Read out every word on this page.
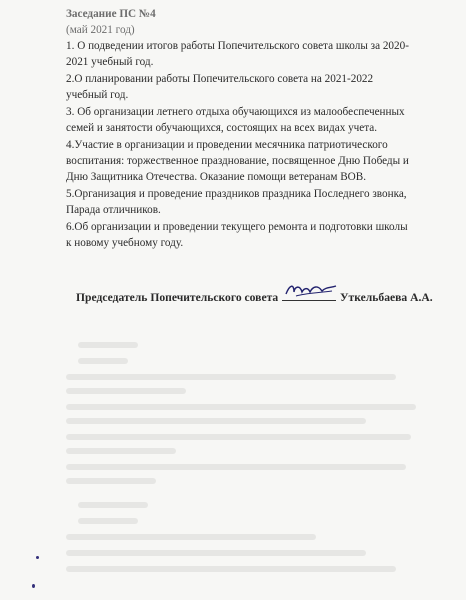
Заседание ПС №4

(май 2021 год)

1. О подведении итогов работы Попечительского совета школы за 2020-

2021 учебный год.

2.О планировании работы Попечительского совета на 2021-2022

учебный год.

3. Об организации летнего отдыха обучающихся из малообеспеченных

семей и занятости обучающихся, состоящих на всех видах учета.

4.Участие в организации и проведении месячника патриотического

воспитания: торжественное празднование, посвященное Дню Победы и

Дню Защитника Отечества. Оказание помощи ветеранам ВОВ.

5.Организация и проведение праздников праздника Последнего звонка,

Парада отличников.

6.Об организации и проведении текущего ремонта и подготовки школы

к новому учебному году.

Председатель Попечительского совета	Уткельбаева А.А.
